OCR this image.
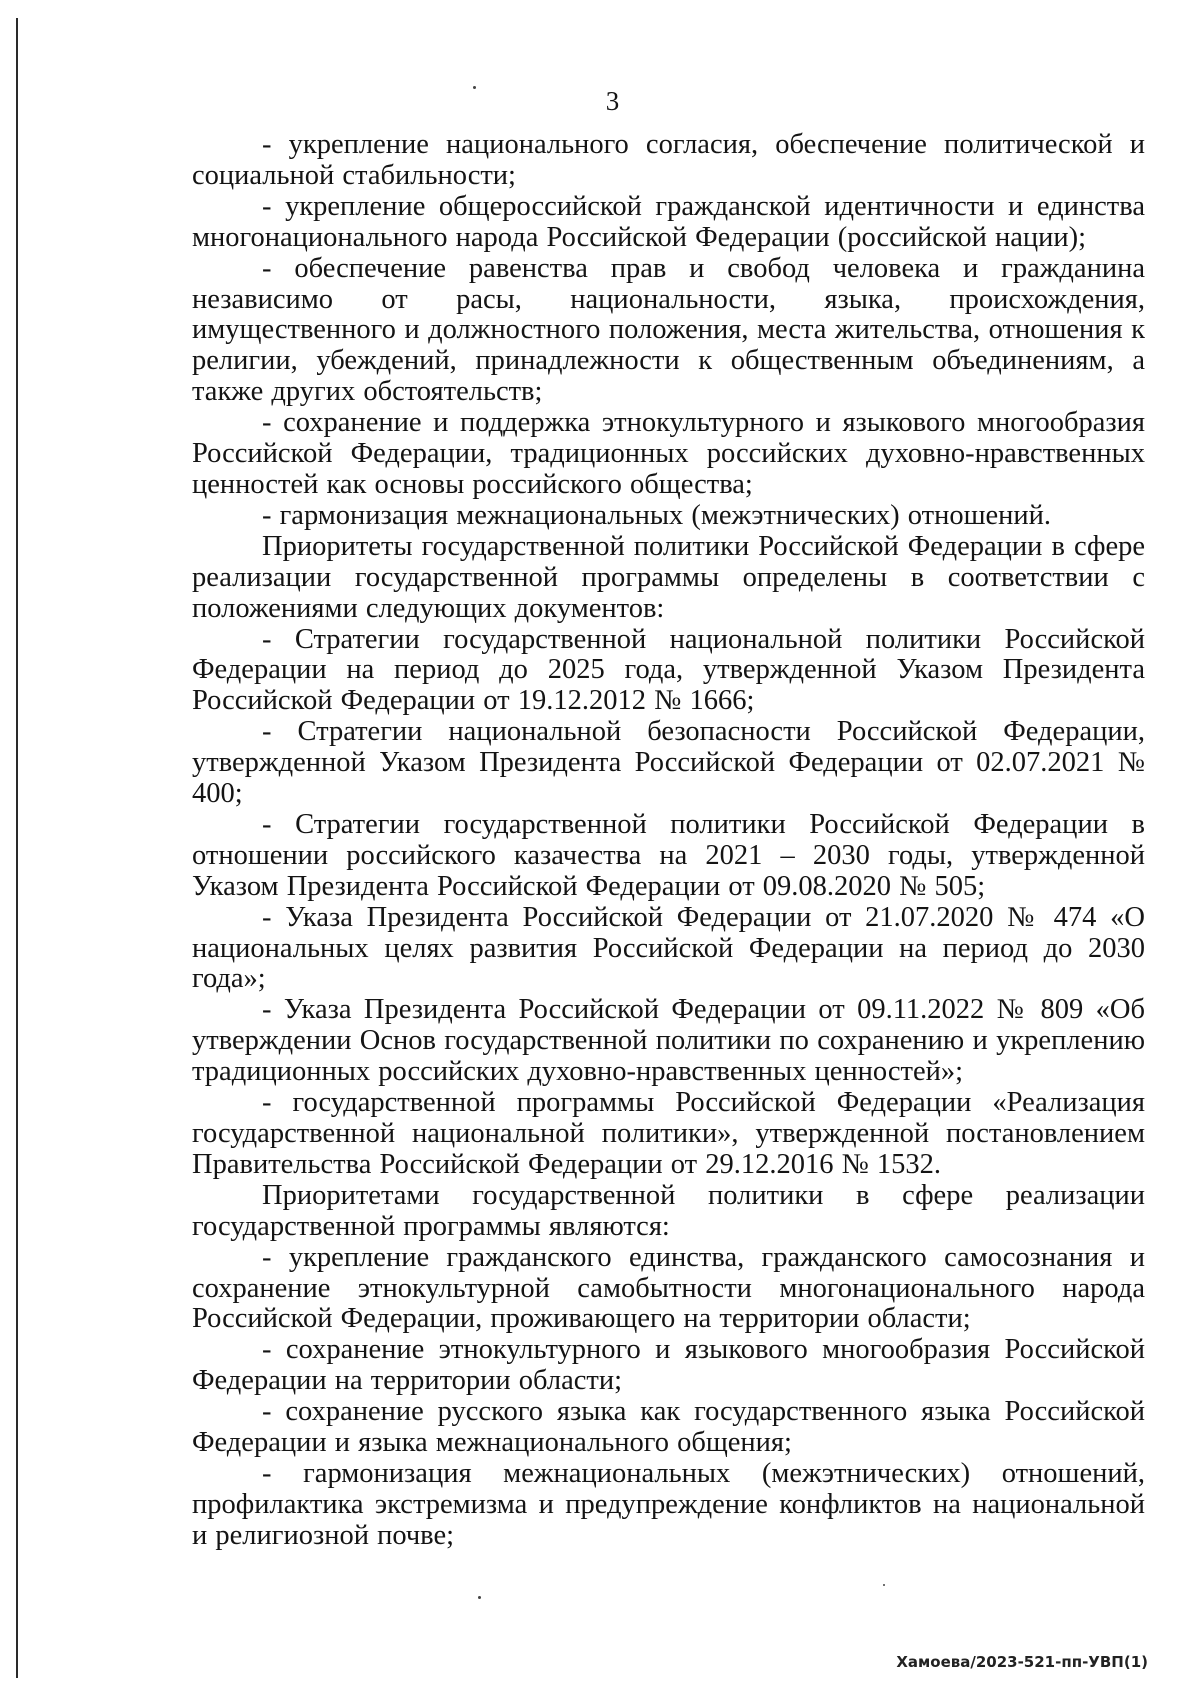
3

- укрепление национального согласия, обеспечение политической и социальной стабильности;

- укрепление общероссийской гражданской идентичности и единства многонационального народа Российской Федерации (российской нации);

- обеспечение равенства прав и свобод человека и гражданина независимо от расы, национальности, языка, происхождения, имущественного и должностного положения, места жительства, отношения к религии, убеждений, принадлежности к общественным объединениям, а также других обстоятельств;

- сохранение и поддержка этнокультурного и языкового многообразия Российской Федерации, традиционных российских духовно-нравственных ценностей как основы российского общества;

- гармонизация межнациональных (межэтнических) отношений.

Приоритеты государственной политики Российской Федерации в сфере реализации государственной программы определены в соответствии с положениями следующих документов:

- Стратегии государственной национальной политики Российской Федерации на период до 2025 года, утвержденной Указом Президента Российской Федерации от 19.12.2012 № 1666;

- Стратегии национальной безопасности Российской Федерации, утвержденной Указом Президента Российской Федерации от 02.07.2021 № 400;

- Стратегии государственной политики Российской Федерации в отношении российского казачества на 2021 – 2030 годы, утвержденной Указом Президента Российской Федерации от 09.08.2020 № 505;

- Указа Президента Российской Федерации от 21.07.2020 № 474 «О национальных целях развития Российской Федерации на период до 2030 года»;

- Указа Президента Российской Федерации от 09.11.2022 № 809 «Об утверждении Основ государственной политики по сохранению и укреплению традиционных российских духовно-нравственных ценностей»;

- государственной программы Российской Федерации «Реализация государственной национальной политики», утвержденной постановлением Правительства Российской Федерации от 29.12.2016 № 1532.

Приоритетами государственной политики в сфере реализации государственной программы являются:

- укрепление гражданского единства, гражданского самосознания и сохранение этнокультурной самобытности многонационального народа Российской Федерации, проживающего на территории области;

- сохранение этнокультурного и языкового многообразия Российской Федерации на территории области;

- сохранение русского языка как государственного языка Российской Федерации и языка межнационального общения;

- гармонизация межнациональных (межэтнических) отношений, профилактика экстремизма и предупреждение конфликтов на национальной и религиозной почве;

Хамоева/2023-521-пп-УВП(1)
